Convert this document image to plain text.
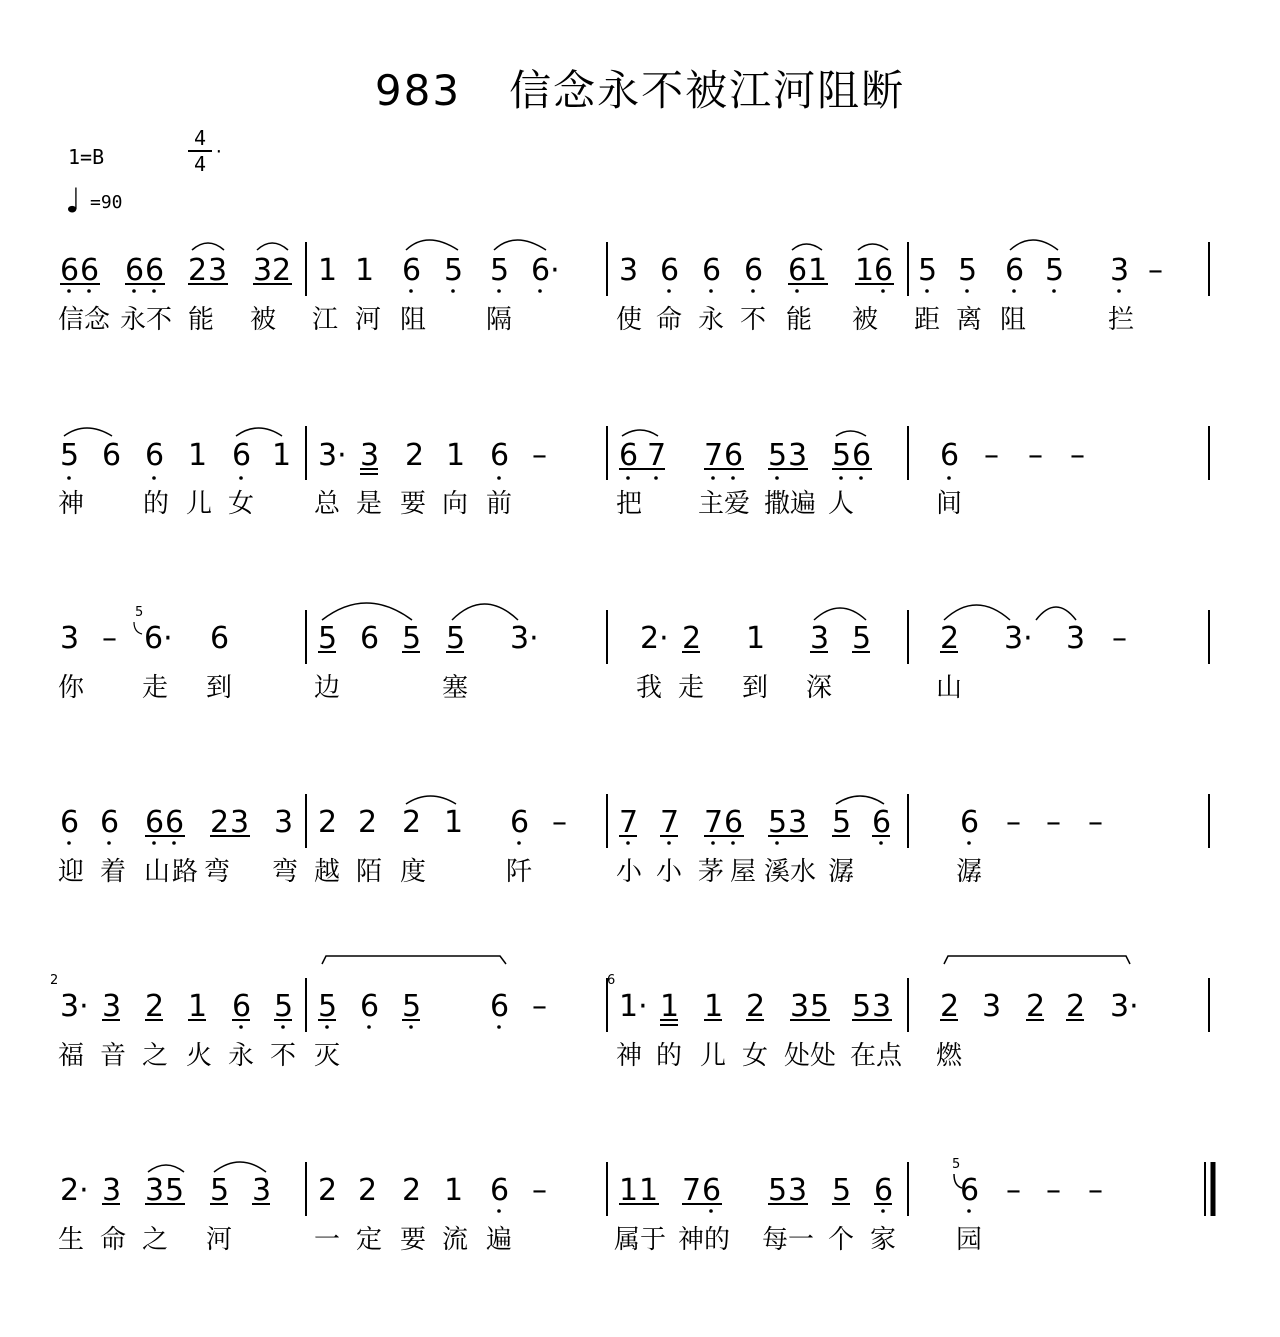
983 信念永不被江河阻断
1=B
4
4
·
=90
6 6 6 6 2 3 3 2 1 1 6 5 5 6· 3 6 6 6 6 1 1 6 5 5 6 5 3 –
信念 永不 能 被 江 河 阻 隔	使 命 永 不 能 被 距 离 阻	拦
5 6 6 1 6 1 3· 3 2 1 6 – 6 7 7 6 5 3 5 6 6 – – –
神 的 儿 女 总 是 要 向 前	把 主爱 撒遍 人	间
5
3 – 6· 6	5 6 5 5 3·	2· 2 1 3 5 2 3· 3 –
你 走 到	边	塞	我 走 到 深	山
6 6 6 6 2 3 3 2 2 2 1 6 – 7 7 7 6 5 3 5 6 6 – – –
迎 着 山 路 弯 弯 越 陌 度	阡	小 小 茅 屋 溪水 潺	潺
2	6
3· 3 2 1 6 5 5 6 5 6 – 1· 1 1 2 3 5 5 3 2 3 2 2 3·
福 音 之 火 永 不 灭	神 的 儿 女 处处 在点 燃
5
2· 3 3 5 5 3 2 2 2 1 6 – 1 1 7 6 5 3 5 6 6 – – –
生 命 之 河	一 定 要 流 遍	属于 神的 每一 个 家 园
